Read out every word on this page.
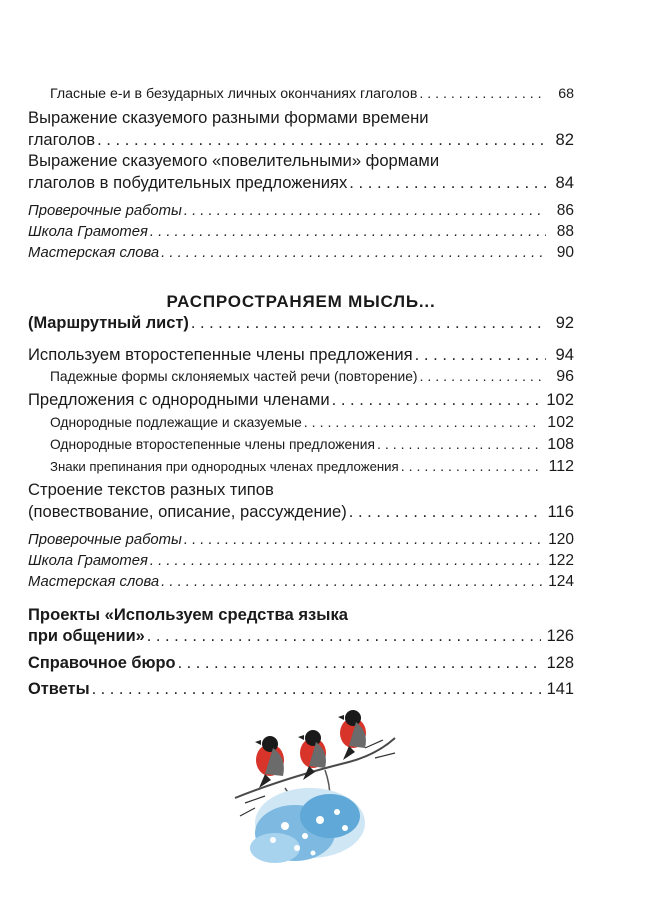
Гласные е-и в безударных личных окончаниях глаголов . . .	68
Выражение сказуемого разными формами времени
глаголов . . .	82
Выражение сказуемого «повелительными» формами
глаголов в побудительных предложениях . . .	84
Проверочные работы . . .	86
Школа Грамотея . . .	88
Мастерская слова . . .	90
РАСПРОСТРАНЯЕМ МЫСЛЬ...
(Маршрутный лист) . . .	92
Используем второстепенные члены предложения . . .	94
Падежные формы склоняемых частей речи (повторение) . . .	96
Предложения с однородными членами . . .	102
Однородные подлежащие и сказуемые . . .	102
Однородные второстепенные члены предложения . . .	108
Знаки препинания при однородных членах предложения . . .	112
Строение текстов разных типов
(повествование, описание, рассуждение) . . .	116
Проверочные работы . . .	120
Школа Грамотея . . .	122
Мастерская слова . . .	124
Проекты «Используем средства языка
при общении» . . .	126
Справочное бюро . . .	128
Ответы . . .	141
